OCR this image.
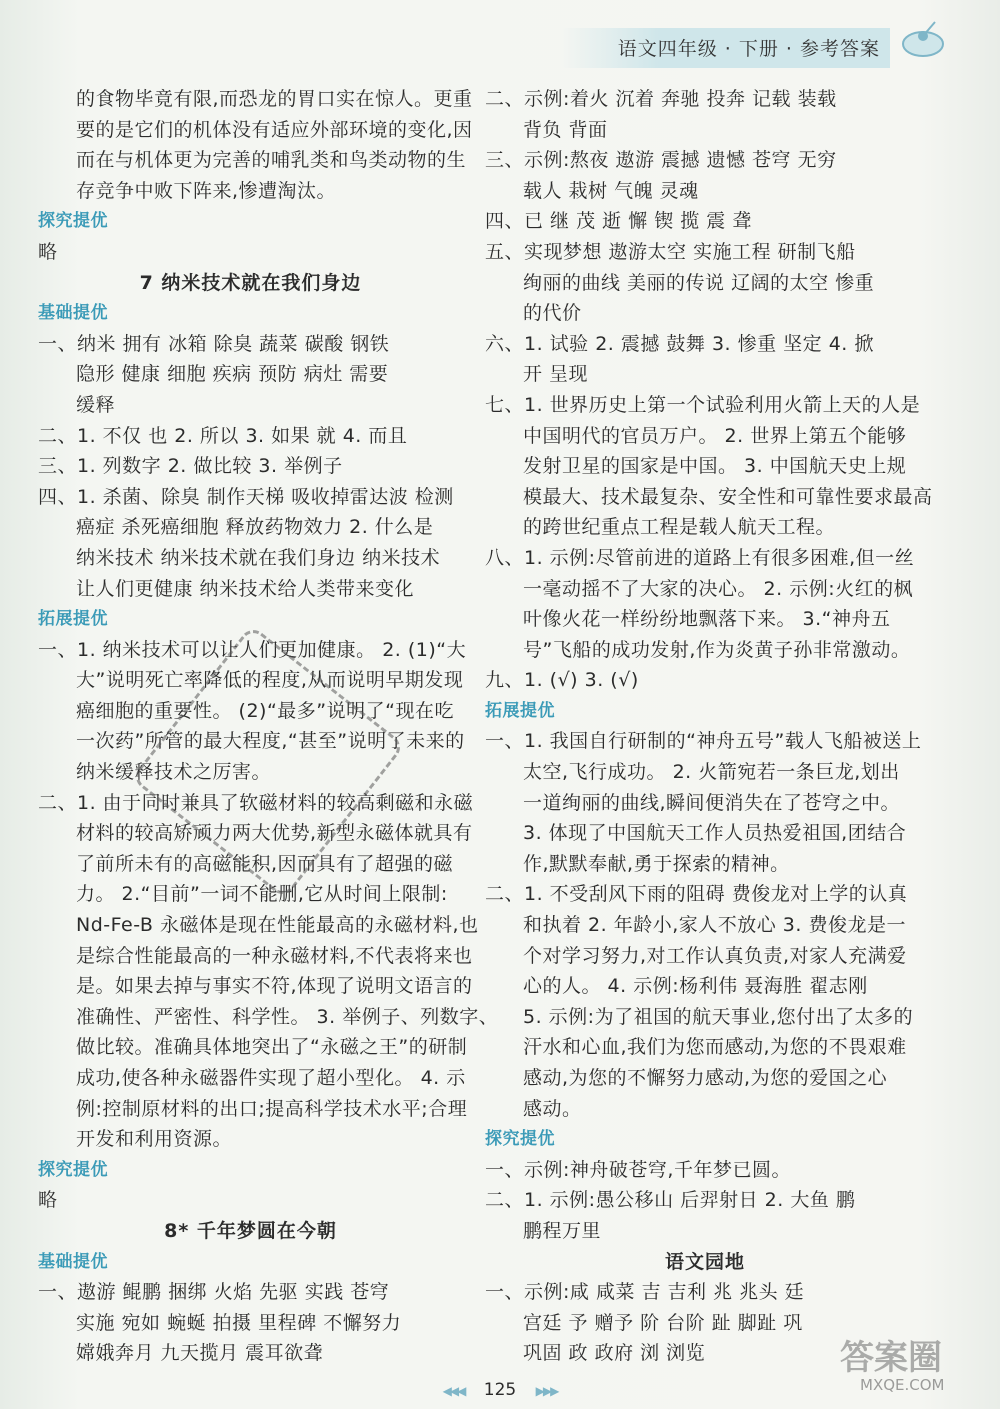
语文四年级 · 下册 · 参考答案
的食物毕竟有限,而恐龙的胃口实在惊人。更重
要的是它们的机体没有适应外部环境的变化,因
而在与机体更为完善的哺乳类和鸟类动物的生
存竞争中败下阵来,惨遭淘汰。
探究提优
略
7 纳米技术就在我们身边
基础提优
一、纳米 拥有 冰箱 除臭 蔬菜 碳酸 钢铁
隐形 健康 细胞 疾病 预防 病灶 需要
缓释
二、1. 不仅 也 2. 所以 3. 如果 就 4. 而且
三、1. 列数字 2. 做比较 3. 举例子
四、1. 杀菌、除臭 制作天梯 吸收掉雷达波 检测
癌症 杀死癌细胞 释放药物效力 2. 什么是
纳米技术 纳米技术就在我们身边 纳米技术
让人们更健康 纳米技术给人类带来变化
拓展提优
一、1. 纳米技术可以让人们更加健康。 2. (1)“大
大”说明死亡率降低的程度,从而说明早期发现
癌细胞的重要性。 (2)“最多”说明了“现在吃
一次药”所管的最大程度,“甚至”说明了未来的
纳米缓释技术之厉害。
二、1. 由于同时兼具了软磁材料的较高剩磁和永磁
材料的较高矫顽力两大优势,新型永磁体就具有
了前所未有的高磁能积,因而具有了超强的磁
力。 2.“目前”一词不能删,它从时间上限制:
Nd-Fe-B 永磁体是现在性能最高的永磁材料,也
是综合性能最高的一种永磁材料,不代表将来也
是。如果去掉与事实不符,体现了说明文语言的
准确性、严密性、科学性。 3. 举例子、列数字、
做比较。准确具体地突出了“永磁之王”的研制
成功,使各种永磁器件实现了超小型化。 4. 示
例:控制原材料的出口;提高科学技术水平;合理
开发和利用资源。
探究提优
略
8* 千年梦圆在今朝
基础提优
一、遨游 鲲鹏 捆绑 火焰 先驱 实践 苍穹
实施 宛如 蜿蜒 拍摄 里程碑 不懈努力
嫦娥奔月 九天揽月 震耳欲聋
二、示例:着火 沉着 奔驰 投奔 记载 装载
背负 背面
三、示例:熬夜 遨游 震撼 遗憾 苍穹 无穷
载人 栽树 气魄 灵魂
四、已 继 茂 逝 懈 锲 揽 震 聋
五、实现梦想 遨游太空 实施工程 研制飞船
绚丽的曲线 美丽的传说 辽阔的太空 惨重
的代价
六、1. 试验 2. 震撼 鼓舞 3. 惨重 坚定 4. 掀
开 呈现
七、1. 世界历史上第一个试验利用火箭上天的人是
中国明代的官员万户。 2. 世界上第五个能够
发射卫星的国家是中国。 3. 中国航天史上规
模最大、技术最复杂、安全性和可靠性要求最高
的跨世纪重点工程是载人航天工程。
八、1. 示例:尽管前进的道路上有很多困难,但一丝
一毫动摇不了大家的决心。 2. 示例:火红的枫
叶像火花一样纷纷地飘落下来。 3.“神舟五
号”飞船的成功发射,作为炎黄子孙非常激动。
九、1. (√) 3. (√)
拓展提优
一、1. 我国自行研制的“神舟五号”载人飞船被送上
太空,飞行成功。 2. 火箭宛若一条巨龙,划出
一道绚丽的曲线,瞬间便消失在了苍穹之中。
3. 体现了中国航天工作人员热爱祖国,团结合
作,默默奉献,勇于探索的精神。
二、1. 不受刮风下雨的阻碍 费俊龙对上学的认真
和执着 2. 年龄小,家人不放心 3. 费俊龙是一
个对学习努力,对工作认真负责,对家人充满爱
心的人。 4. 示例:杨利伟 聂海胜 翟志刚
5. 示例:为了祖国的航天事业,您付出了太多的
汗水和心血,我们为您而感动,为您的不畏艰难
感动,为您的不懈努力感动,为您的爱国之心
感动。
探究提优
一、示例:神舟破苍穹,千年梦已圆。
二、1. 示例:愚公移山 后羿射日 2. 大鱼 鹏
鹏程万里
语文园地
一、示例:咸 咸菜 吉 吉利 兆 兆头 廷
宫廷 予 赠予 阶 台阶 趾 脚趾 巩
巩固 政 政府 浏 浏览
◀◀◀ 125 ▶▶▶
答案圈
MXQE.COM
